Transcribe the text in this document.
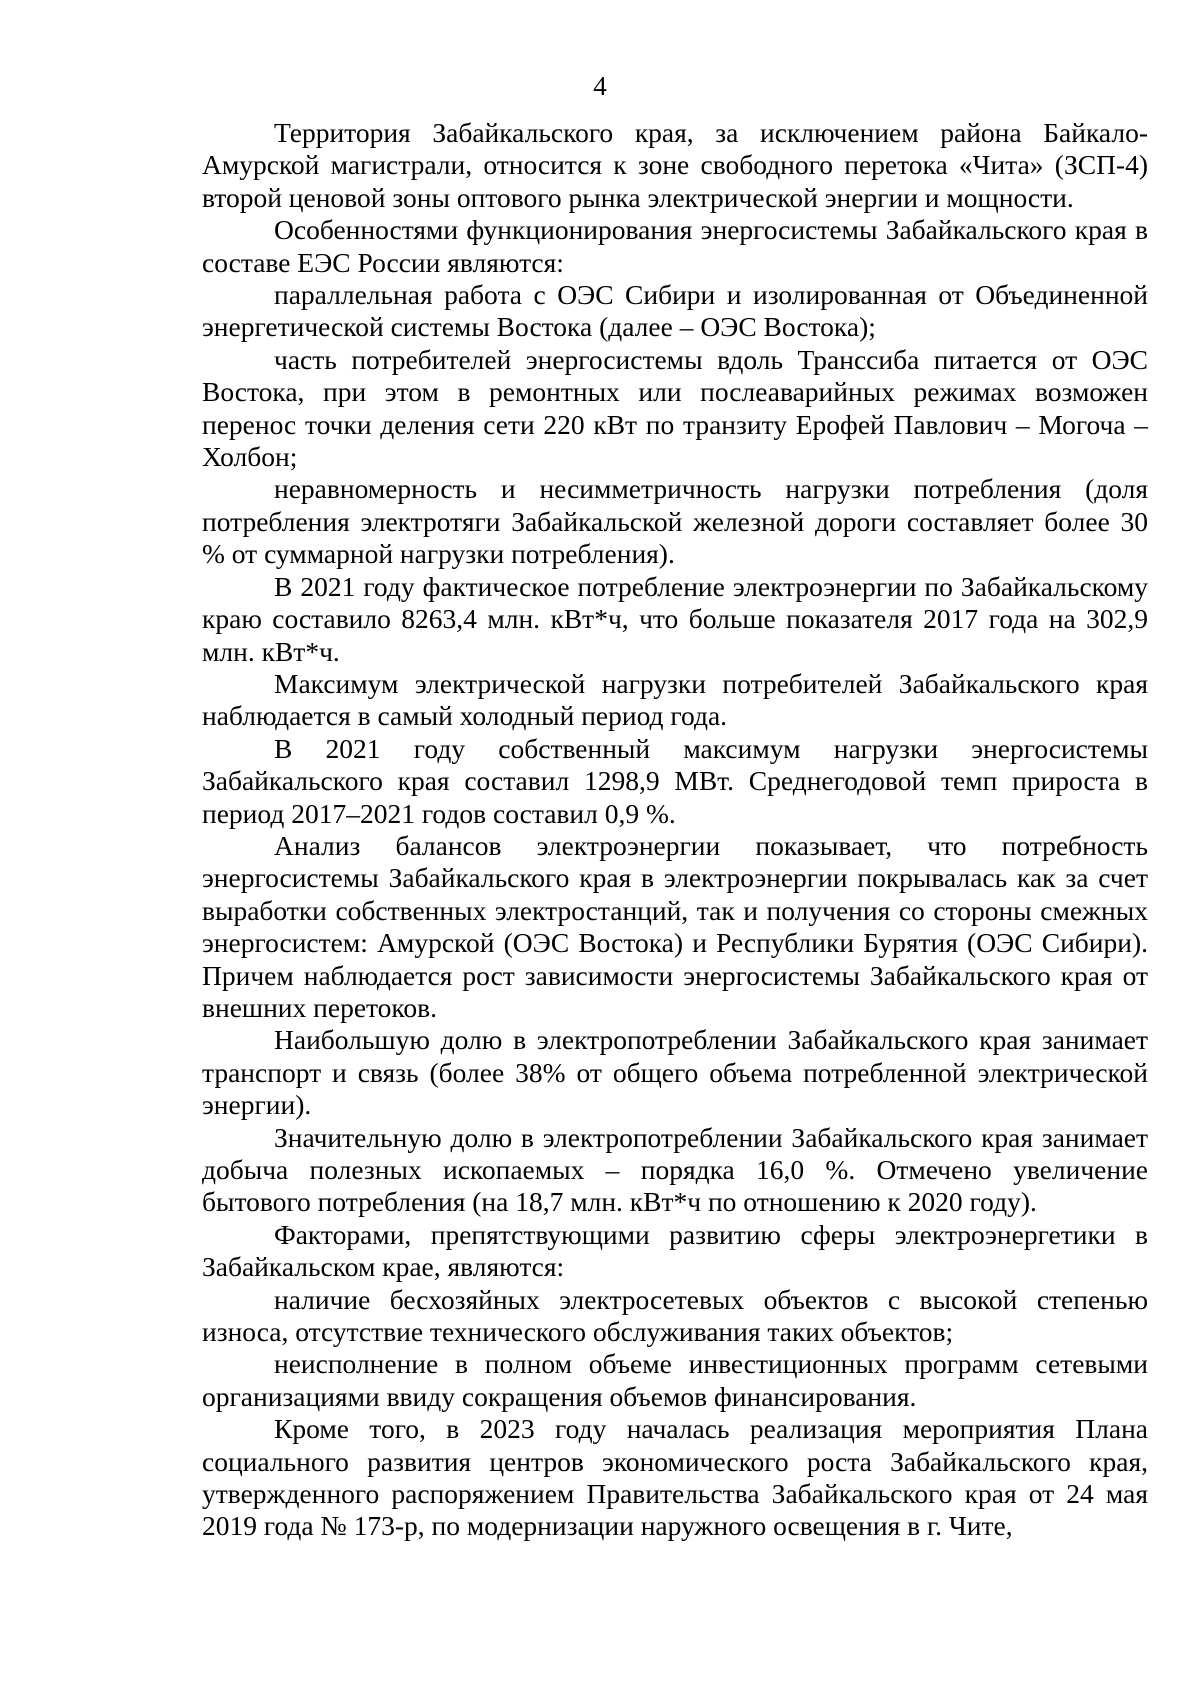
4

Территория Забайкальского края, за исключением района Байкало-Амурской магистрали, относится к зоне свободного перетока «Чита» (ЗСП-4) второй ценовой зоны оптового рынка электрической энергии и мощности.

Особенностями функционирования энергосистемы Забайкальского края в составе ЕЭС России являются:

параллельная работа с ОЭС Сибири и изолированная от Объединенной энергетической системы Востока (далее – ОЭС Востока);

часть потребителей энергосистемы вдоль Транссиба питается от ОЭС Востока, при этом в ремонтных или послеаварийных режимах возможен перенос точки деления сети 220 кВт по транзиту Ерофей Павлович – Могоча – Холбон;

неравномерность и несимметричность нагрузки потребления (доля потребления электротяги Забайкальской железной дороги составляет более 30 % от суммарной нагрузки потребления).

В 2021 году фактическое потребление электроэнергии по Забайкальскому краю составило 8263,4 млн. кВт*ч, что больше показателя 2017 года на 302,9 млн. кВт*ч.

Максимум электрической нагрузки потребителей Забайкальского края наблюдается в самый холодный период года.

В 2021 году собственный максимум нагрузки энергосистемы Забайкальского края составил 1298,9 МВт. Среднегодовой темп прироста в период 2017–2021 годов составил 0,9 %.

Анализ балансов электроэнергии показывает, что потребность энергосистемы Забайкальского края в электроэнергии покрывалась как за счет выработки собственных электростанций, так и получения со стороны смежных энергосистем: Амурской (ОЭС Востока) и Республики Бурятия (ОЭС Сибири). Причем наблюдается рост зависимости энергосистемы Забайкальского края от внешних перетоков.

Наибольшую долю в электропотреблении Забайкальского края занимает транспорт и связь (более 38% от общего объема потребленной электрической энергии).

Значительную долю в электропотреблении Забайкальского края занимает добыча полезных ископаемых – порядка 16,0 %. Отмечено увеличение бытового потребления (на 18,7 млн. кВт*ч по отношению к 2020 году).

Факторами, препятствующими развитию сферы электроэнергетики в Забайкальском крае, являются:

наличие бесхозяйных электросетевых объектов с высокой степенью износа, отсутствие технического обслуживания таких объектов;

неисполнение в полном объеме инвестиционных программ сетевыми организациями ввиду сокращения объемов финансирования.

Кроме того, в 2023 году началась реализация мероприятия Плана социального развития центров экономического роста Забайкальского края, утвержденного распоряжением Правительства Забайкальского края от 24 мая 2019 года № 173-р, по модернизации наружного освещения в г. Чите,
